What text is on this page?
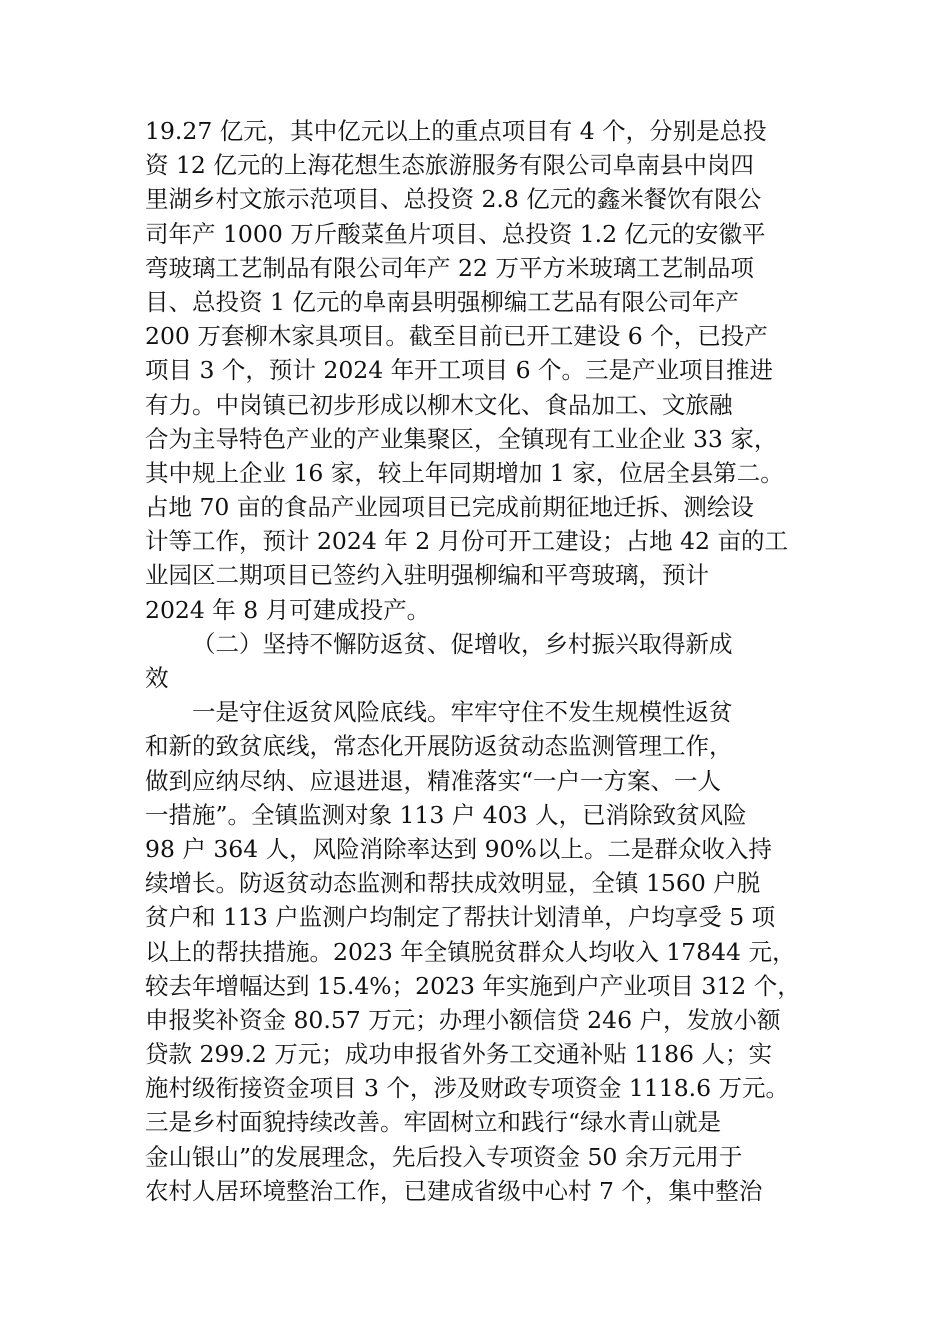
19.27 亿元，其中亿元以上的重点项目有 4 个，分别是总投
资 12 亿元的上海花想生态旅游服务有限公司阜南县中岗四
里湖乡村文旅示范项目、总投资 2.8 亿元的鑫米餐饮有限公
司年产 1000 万斤酸菜鱼片项目、总投资 1.2 亿元的安徽平
弯玻璃工艺制品有限公司年产 22 万平方米玻璃工艺制品项
目、总投资 1 亿元的阜南县明强柳编工艺品有限公司年产
200 万套柳木家具项目。截至目前已开工建设 6 个，已投产
项目 3 个，预计 2024 年开工项目 6 个。三是产业项目推进
有力。中岗镇已初步形成以柳木文化、食品加工、文旅融
合为主导特色产业的产业集聚区，全镇现有工业企业 33 家，
其中规上企业 16 家，较上年同期增加 1 家，位居全县第二。
占地 70 亩的食品产业园项目已完成前期征地迁拆、测绘设
计等工作，预计 2024 年 2 月份可开工建设；占地 42 亩的工
业园区二期项目已签约入驻明强柳编和平弯玻璃，预计
2024 年 8 月可建成投产。
（二）坚持不懈防返贫、促增收，乡村振兴取得新成
效
一是守住返贫风险底线。牢牢守住不发生规模性返贫
和新的致贫底线，常态化开展防返贫动态监测管理工作，
做到应纳尽纳、应退进退，精准落实“一户一方案、一人
一措施”。全镇监测对象 113 户 403 人，已消除致贫风险
98 户 364 人，风险消除率达到 90%以上。二是群众收入持
续增长。防返贫动态监测和帮扶成效明显，全镇 1560 户脱
贫户和 113 户监测户均制定了帮扶计划清单，户均享受 5 项
以上的帮扶措施。2023 年全镇脱贫群众人均收入 17844 元，
较去年增幅达到 15.4%；2023 年实施到户产业项目 312 个，
申报奖补资金 80.57 万元；办理小额信贷 246 户，发放小额
贷款 299.2 万元；成功申报省外务工交通补贴 1186 人；实
施村级衔接资金项目 3 个，涉及财政专项资金 1118.6 万元。
三是乡村面貌持续改善。牢固树立和践行“绿水青山就是
金山银山”的发展理念，先后投入专项资金 50 余万元用于
农村人居环境整治工作，已建成省级中心村 7 个，集中整治
